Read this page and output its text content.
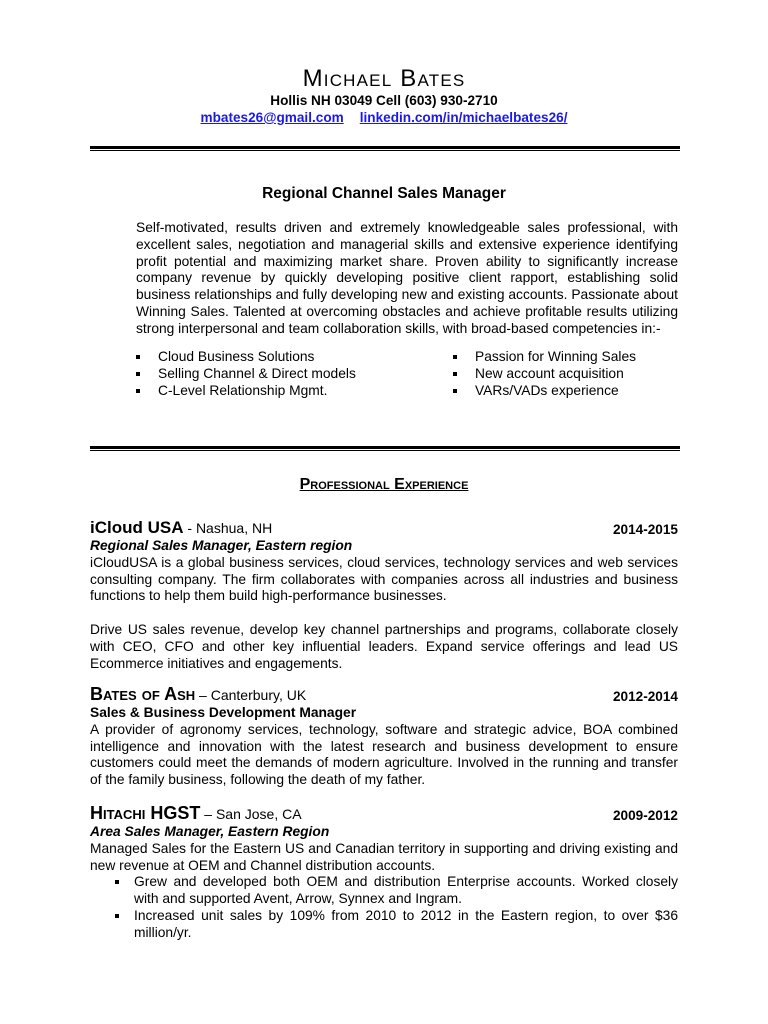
Michael Bates
Hollis NH 03049 Cell (603) 930-2710
mbates26@gmail.com linkedin.com/in/michaelbates26/
Regional Channel Sales Manager

Self-motivated, results driven and extremely knowledgeable sales professional, with excellent sales, negotiation and managerial skills and extensive experience identifying profit potential and maximizing market share. Proven ability to significantly increase company revenue by quickly developing positive client rapport, establishing solid business relationships and fully developing new and existing accounts. Passionate about Winning Sales. Talented at overcoming obstacles and achieve profitable results utilizing strong interpersonal and team collaboration skills, with broad-based competencies in:-

Cloud Business Solutions
Selling Channel & Direct models
C-Level Relationship Mgmt.
Passion for Winning Sales
New account acquisition
VARs/VADs experience
Professional Experience
iCloud USA - Nashua, NH	2014-2015
Regional Sales Manager, Eastern region

iCloudUSA is a global business services, cloud services, technology services and web services consulting company. The firm collaborates with companies across all industries and business functions to help them build high-performance businesses.

Drive US sales revenue, develop key channel partnerships and programs, collaborate closely with CEO, CFO and other key influential leaders. Expand service offerings and lead US Ecommerce initiatives and engagements.

Bates of Ash – Canterbury, UK	2012-2014
Sales & Business Development Manager

A provider of agronomy services, technology, software and strategic advice, BOA combined intelligence and innovation with the latest research and business development to ensure customers could meet the demands of modern agriculture. Involved in the running and transfer of the family business, following the death of my father.

Hitachi HGST – San Jose, CA	2009-2012
Area Sales Manager, Eastern Region

Managed Sales for the Eastern US and Canadian territory in supporting and driving existing and new revenue at OEM and Channel distribution accounts.

Grew and developed both OEM and distribution Enterprise accounts. Worked closely with and supported Avent, Arrow, Synnex and Ingram.
Increased unit sales by 109% from 2010 to 2012 in the Eastern region, to over $36 million/yr.
